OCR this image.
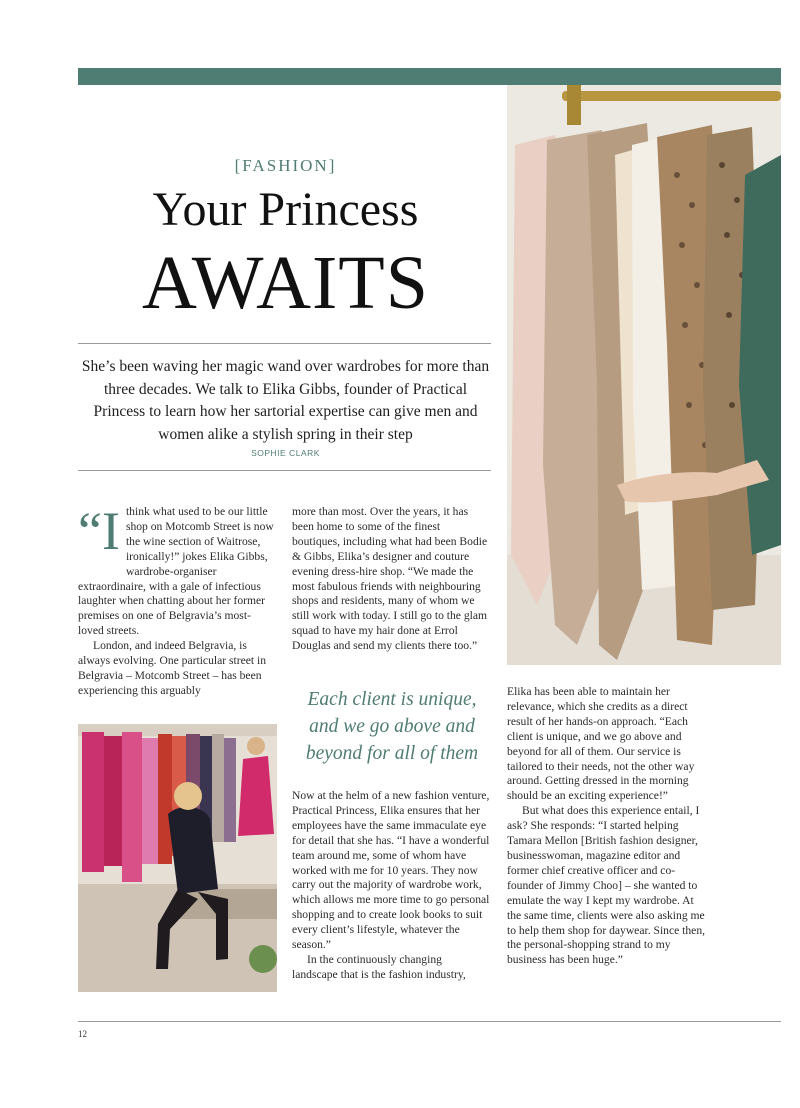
[FASHION]
Your Princess
AWAITS
She’s been waving her magic wand over wardrobes for more than three decades. We talk to Elika Gibbs, founder of Practical Princess to learn how her sartorial expertise can give men and women alike a stylish spring in their step
SOPHIE CLARK

“I think what used to be our little shop on Motcomb Street is now the wine section of Waitrose, ironically!” jokes Elika Gibbs, wardrobe-organiser extraordinaire, with a gale of infectious laughter when chatting about her former premises on one of Belgravia’s most-loved streets.

London, and indeed Belgravia, is always evolving. One particular street in Belgravia – Motcomb Street – has been experiencing this arguably

more than most. Over the years, it has been home to some of the finest boutiques, including what had been Bodie & Gibbs, Elika’s designer and couture evening dress-hire shop. “We made the most fabulous friends with neighbouring shops and residents, many of whom we still work with today. I still go to the glam squad to have my hair done at Errol Douglas and send my clients there too.”

Each client is unique, and we go above and beyond for all of them

Now at the helm of a new fashion venture, Practical Princess, Elika ensures that her employees have the same immaculate eye for detail that she has. “I have a wonderful team around me, some of whom have worked with me for 10 years. They now carry out the majority of wardrobe work, which allows me more time to go personal shopping and to create look books to suit every client’s lifestyle, whatever the season.”

In the continuously changing landscape that is the fashion industry,

Elika has been able to maintain her relevance, which she credits as a direct result of her hands-on approach. “Each client is unique, and we go above and beyond for all of them. Our service is tailored to their needs, not the other way around. Getting dressed in the morning should be an exciting experience!”

But what does this experience entail, I ask? She responds: “I started helping Tamara Mellon [British fashion designer, businesswoman, magazine editor and former chief creative officer and co-founder of Jimmy Choo] – she wanted to emulate the way I kept my wardrobe. At the same time, clients were also asking me to help them shop for daywear. Since then, the personal-shopping strand to my business has been huge.”

12
